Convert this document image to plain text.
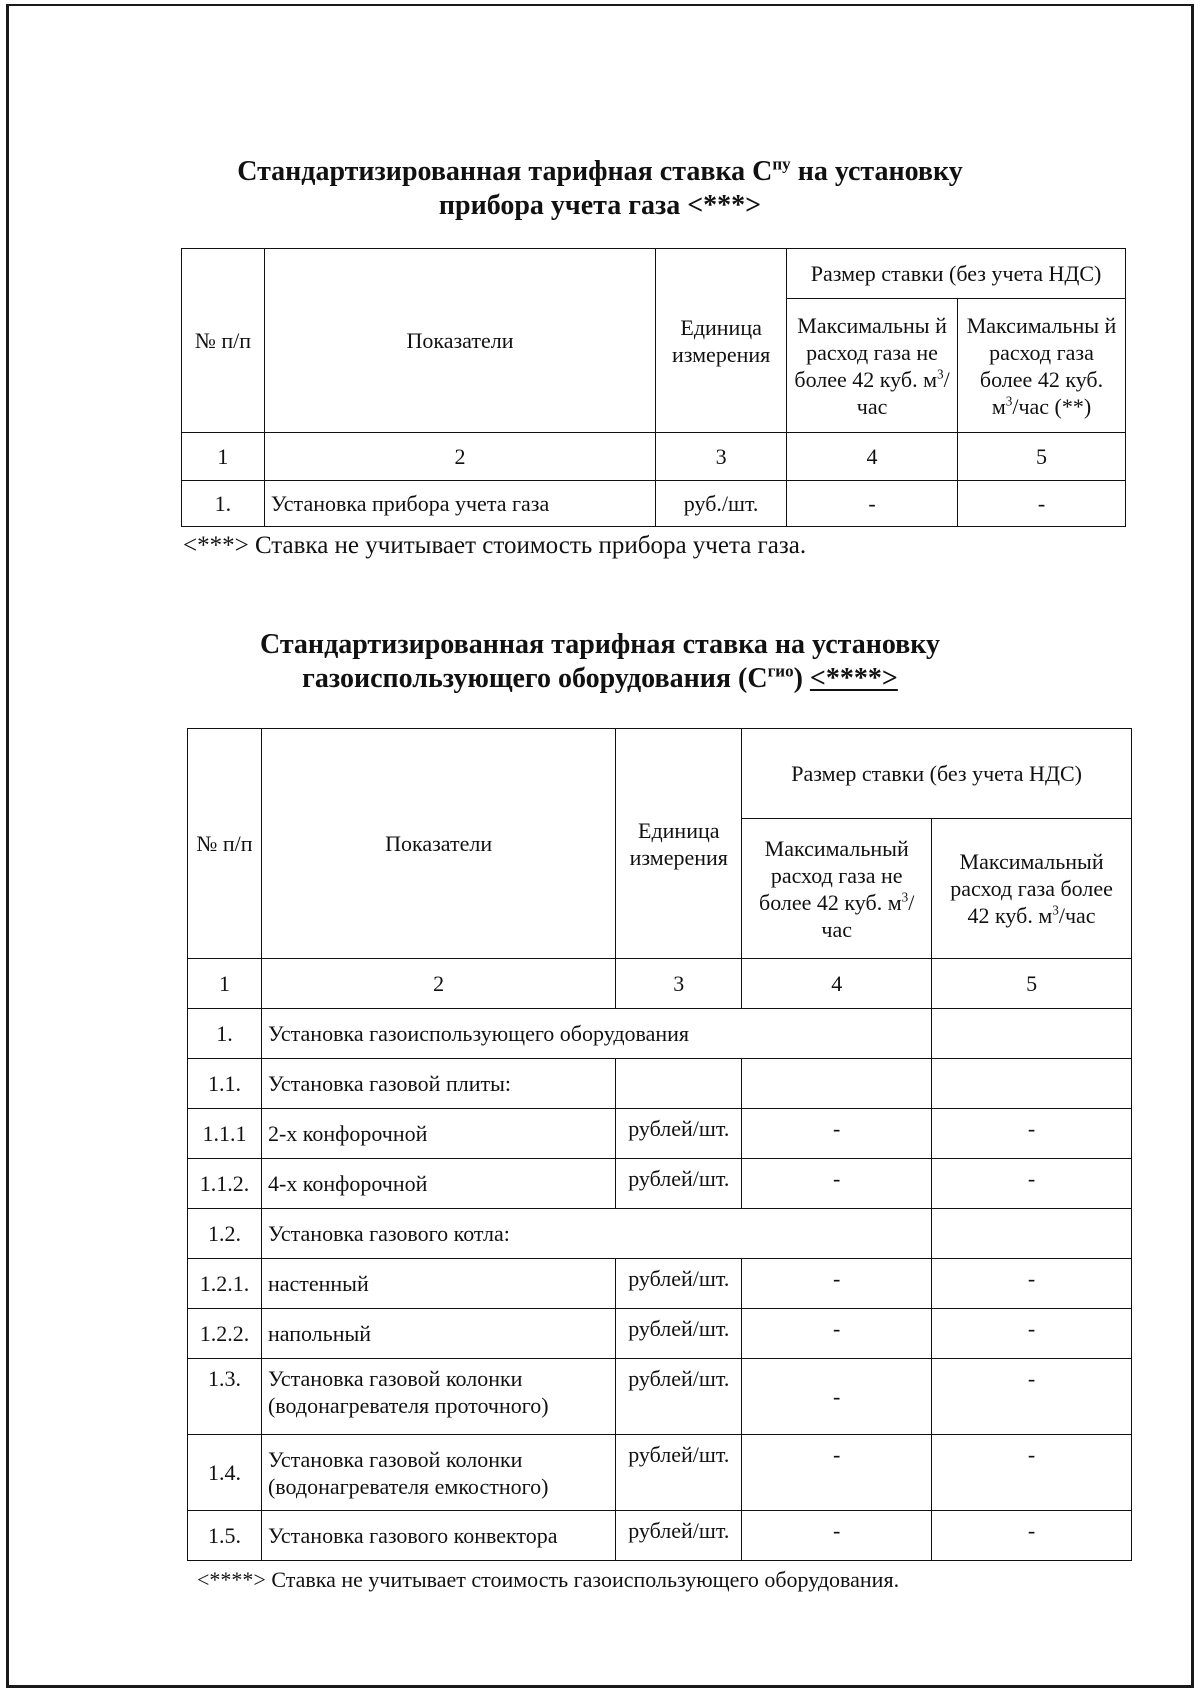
Стандартизированная тарифная ставка $С^{пу}$ на установку
прибора учета газа <***>
№ п/п	Показатели	Единица измерения	Размер ставки (без учета НДС)	
			Максимальны й расход газа не более 42 куб. $м^3$/час	Максимальны й расход газа более 42 куб. $м^3$/час (**)
1	2	3	4	5
1.	Установка прибора учета газа	руб./шт.	-	-
<***> Ставка не учитывает стоимость прибора учета газа.
Стандартизированная тарифная ставка на установку
газоиспользующего оборудования $(С^{гио})$ <****>
№ п/п	Показатели	Единица измерения	Размер ставки (без учета НДС)	
			Максимальный расход газа не более 42 куб. $м^3$/час	Максимальный расход газа более 42 куб. $м^3$/час
1	2	3	4	5
1.	Установка газоиспользующего оборудования			
1.1.	Установка газовой плиты:			
1.1.1	2-х конфорочной	рублей/шт.	-	-
1.1.2.	4-х конфорочной	рублей/шт.	-	-
1.2.	Установка газового котла:			
1.2.1.	настенный	рублей/шт.	-	-
1.2.2.	напольный	рублей/шт.	-	-
1.3.	Установка газовой колонки (водонагревателя проточного)	рублей/шт.	-	-
1.4.	Установка газовой колонки (водонагревателя емкостного)	рублей/шт.	-	-
1.5.	Установка газового конвектора	рублей/шт.	-	-
<****> Ставка не учитывает стоимость газоиспользующего оборудования.
